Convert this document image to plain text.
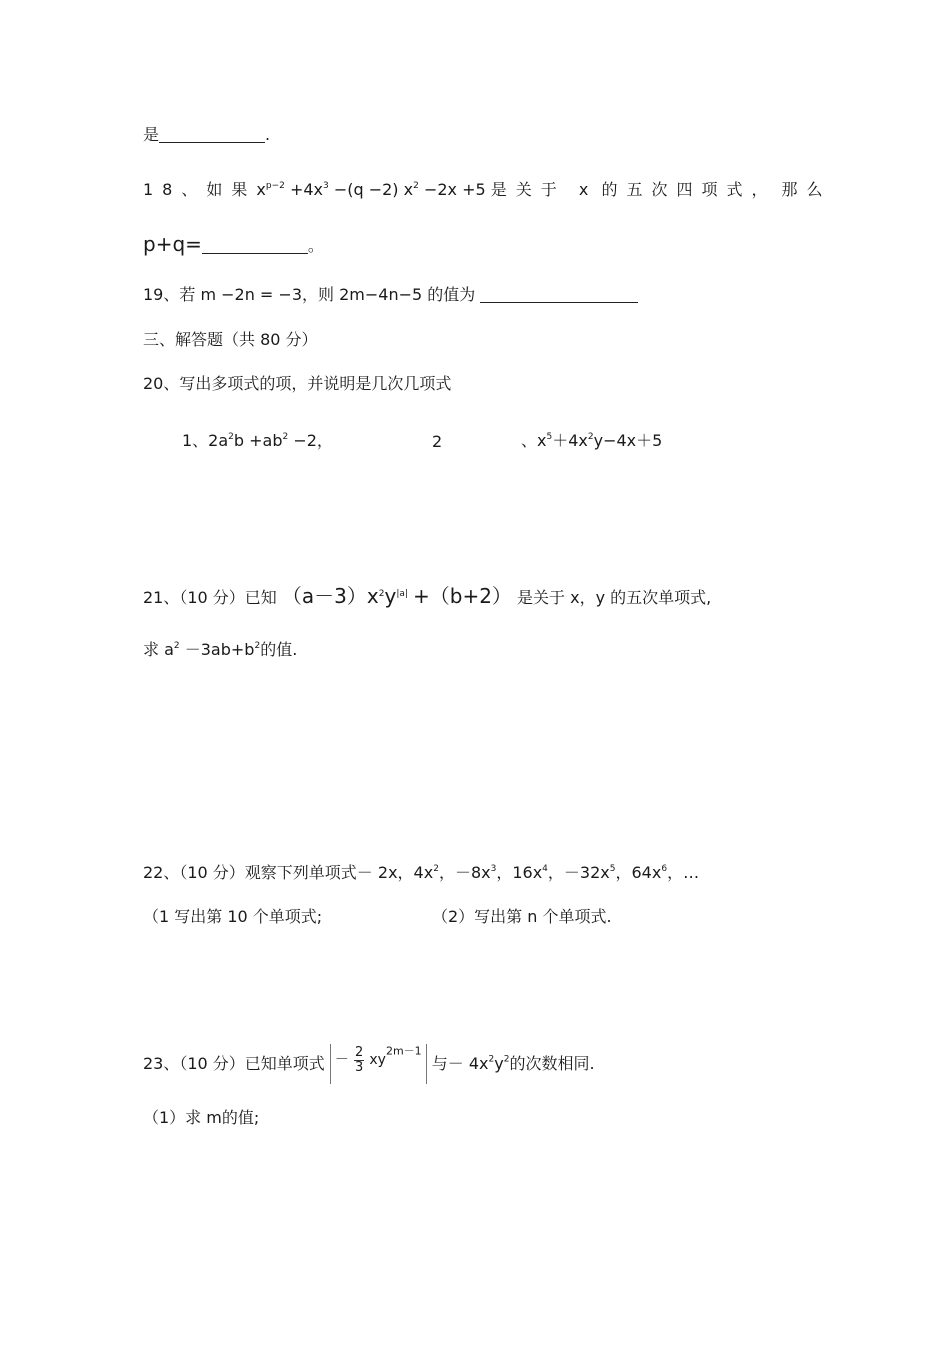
是	.
18、如果$x^{p-2} +4x^3 -(q -2)$ $x^2 -2x +5$ 是关于 x 的五次四项式， 那么
p+q=	。
19、若 m −2n = −3，则 2m−4n−5 的值为
三、解答题（共 80 分）
20、写出多项式的项，并说明是几次几项式
1、$2a^2b +ab^2 -2$，	2	、$x^5+4x^2y-4x+5$
21、（10 分）已知 $(a-3)x^2y^{|a|} +(b+2)$ 是关于 x，y 的五次单项式,
求 $a^2 -3ab+b^2$的值.
22、（10 分）观察下列单项式－ 2x，$4x^2$，$-8x^3$，$16x^4$，$-32x^5$，$64x^6$，…
（1 写出第 10 个单项式;	（2）写出第 n 个单项式.
23、（10 分）已知单项式 － $\frac{2}{3} xy^{2m-1}$ 与－ $4x^2y^2$的次数相同.
（1）求 m的值;
